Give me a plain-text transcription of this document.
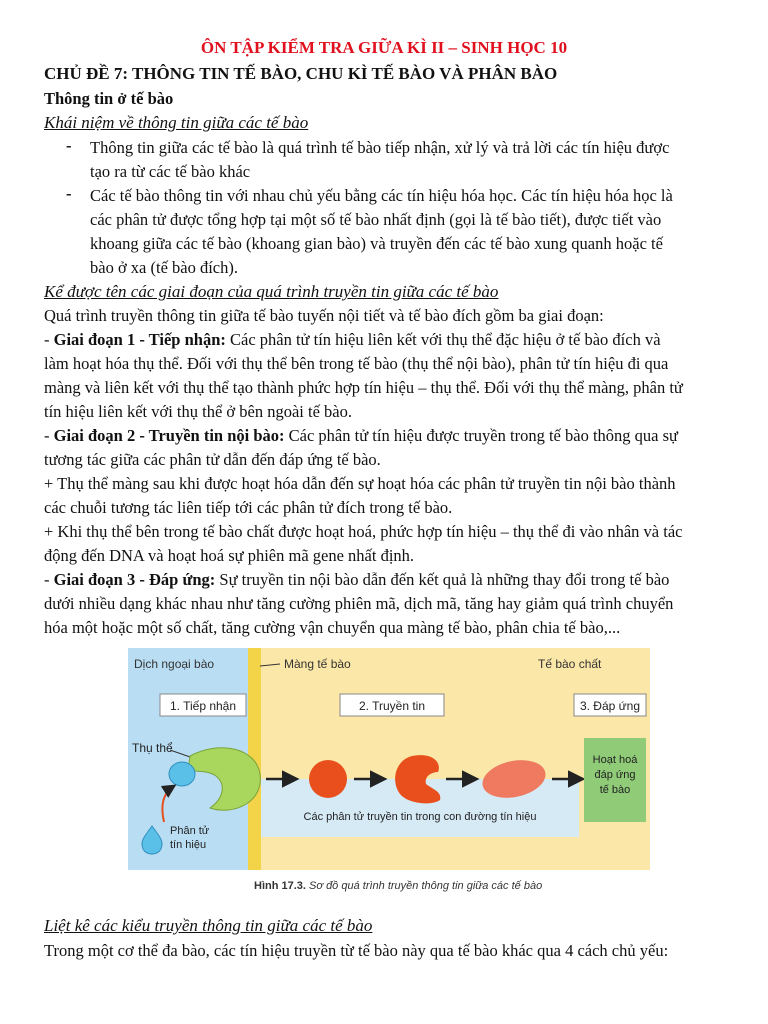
ÔN TẬP KIỂM TRA GIỮA KÌ II – SINH HỌC 10
CHỦ ĐỀ 7: THÔNG TIN TẾ BÀO, CHU KÌ TẾ BÀO VÀ PHÂN BÀO
Thông tin ở tế bào
Khái niệm về thông tin giữa các tế bào
- Thông tin giữa các tế bào là quá trình tế bào tiếp nhận, xử lý và trả lời các tín hiệu được
tạo ra từ các tế bào khác
- Các tế bào thông tin với nhau chủ yếu bằng các tín hiệu hóa học. Các tín hiệu hóa học là
các phân tử được tổng hợp tại một số tế bào nhất định (gọi là tế bào tiết), được tiết vào
khoang giữa các tế bào (khoang gian bào) và truyền đến các tế bào xung quanh hoặc tế
bào ở xa (tế bào đích).
Kể được tên các giai đoạn của quá trình truyền tin giữa các tế bào
Quá trình truyền thông tin giữa tế bào tuyến nội tiết và tế bào đích gồm ba giai đoạn:
- Giai đoạn 1 - Tiếp nhận: Các phân tử tín hiệu liên kết với thụ thể đặc hiệu ở tế bào đích và
làm hoạt hóa thụ thể. Đối với thụ thể bên trong tế bào (thụ thể nội bào), phân tử tín hiệu đi qua
màng và liên kết với thụ thể tạo thành phức hợp tín hiệu – thụ thể. Đối với thụ thể màng, phân tử
tín hiệu liên kết với thụ thể ở bên ngoài tế bào.
- Giai đoạn 2 - Truyền tin nội bào: Các phân tử tín hiệu được truyền trong tế bào thông qua sự
tương tác giữa các phân tử dẫn đến đáp ứng tế bào.
+ Thụ thể màng sau khi được hoạt hóa dẫn đến sự hoạt hóa các phân tử truyền tin nội bào thành
các chuỗi tương tác liên tiếp tới các phân tử đích trong tế bào.
+ Khi thụ thể bên trong tế bào chất được hoạt hoá, phức hợp tín hiệu – thụ thể đi vào nhân và tác
động đến DNA và hoạt hoá sự phiên mã gene nhất định.
- Giai đoạn 3 - Đáp ứng: Sự truyền tin nội bào dẫn đến kết quả là những thay đổi trong tế bào
dưới nhiều dạng khác nhau như tăng cường phiên mã, dịch mã, tăng hay giảm quá trình chuyển
hóa một hoặc một số chất, tăng cường vận chuyển qua màng tế bào, phân chia tế bào,...
Dịch ngoại bào	Màng tế bào	Tế bào chất
1. Tiếp nhận	2. Truyền tin	3. Đáp ứng
Thụ thể
Phân tử
tín hiệu
Hoạt hoá
đáp ứng
tế bào
Các phân tử truyền tin trong con đường tín hiệu
Hình 17.3. Sơ đồ quá trình truyền thông tin giữa các tế bào
Liệt kê các kiểu truyền thông tin giữa các tế bào
Trong một cơ thể đa bào, các tín hiệu truyền từ tế bào này qua tế bào khác qua 4 cách chủ yếu:
